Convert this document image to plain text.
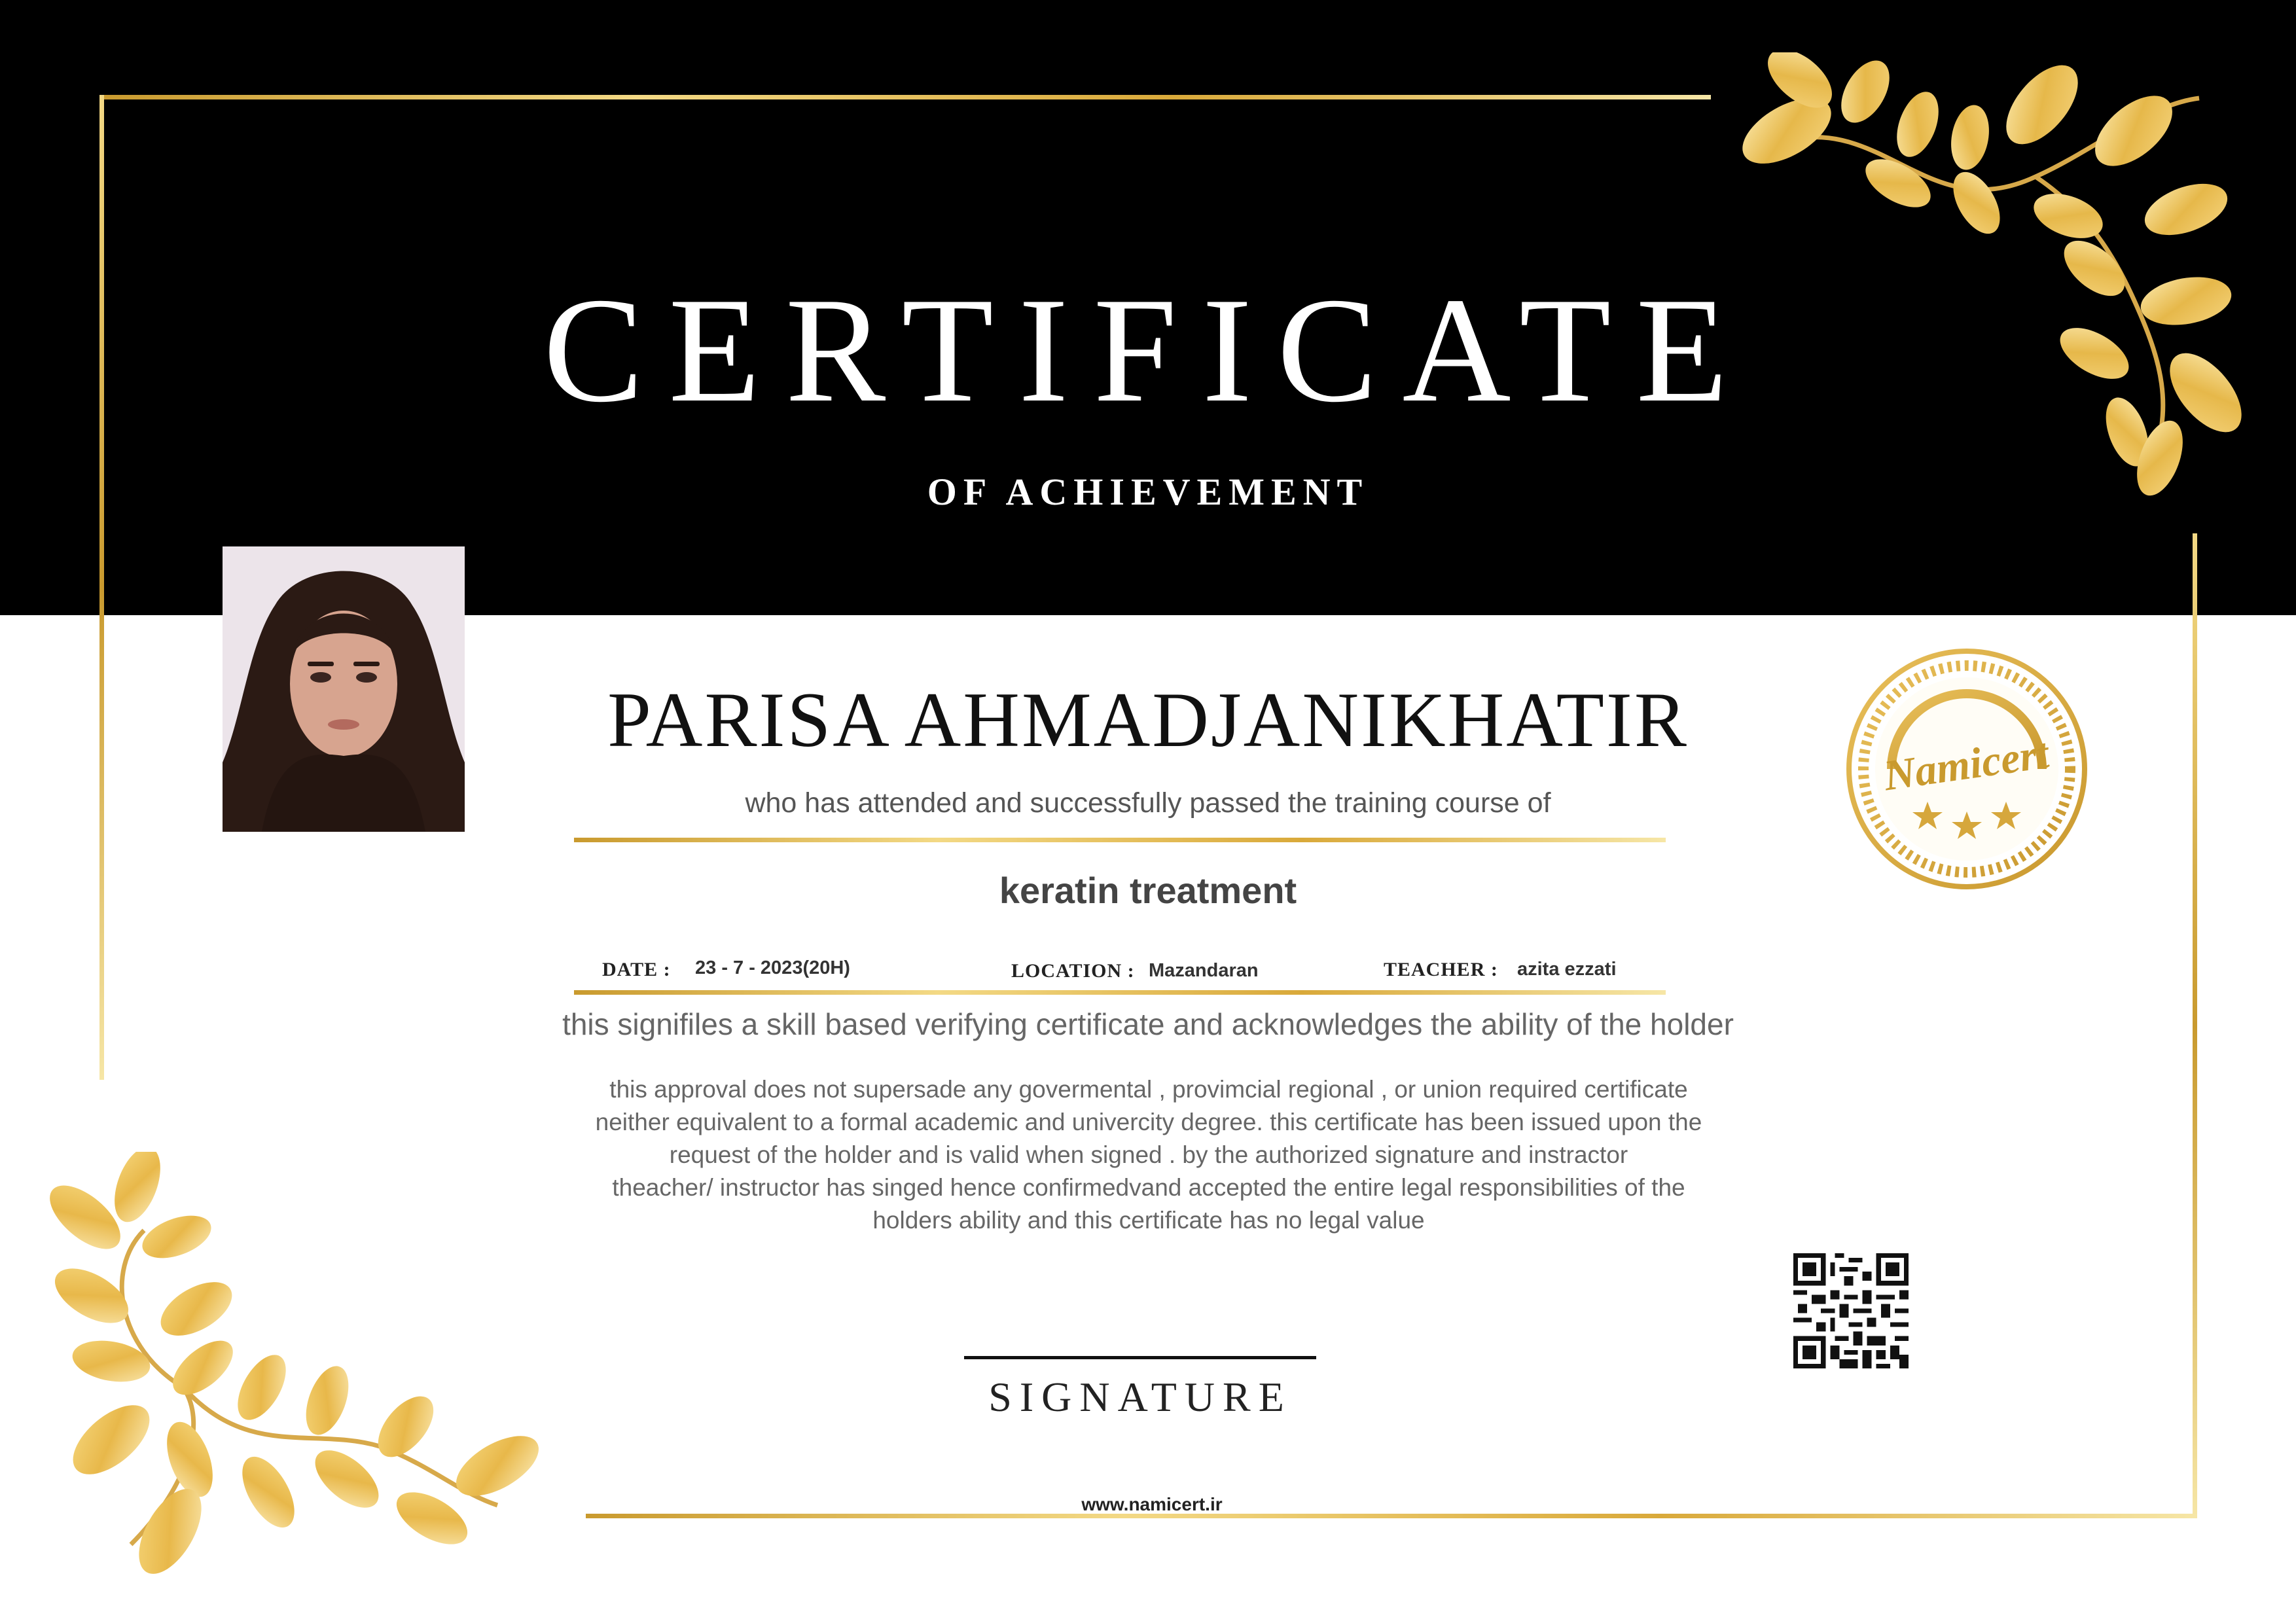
CERTIFICATE
OF ACHIEVEMENT
Namicert
PARISA AHMADJANIKHATIR
who has attended and successfully passed the training course of
keratin treatment
DATE : 23 - 7 - 2023(20H)	LOCATION : Mazandaran	TEACHER : azita ezzati
this signifiles a skill based verifying certificate and acknowledges the ability of the holder
this approval does not supersade any govermental , provimcial regional , or union required certificate
neither equivalent to a formal academic and univercity degree. this certificate has been issued upon the
request of the holder and is valid when signed . by the authorized signature and instractor
theacher/ instructor has singed hence confirmedvand accepted the entire legal responsibilities of the
holders ability and this certificate has no legal value
SIGNATURE
www.namicert.ir
